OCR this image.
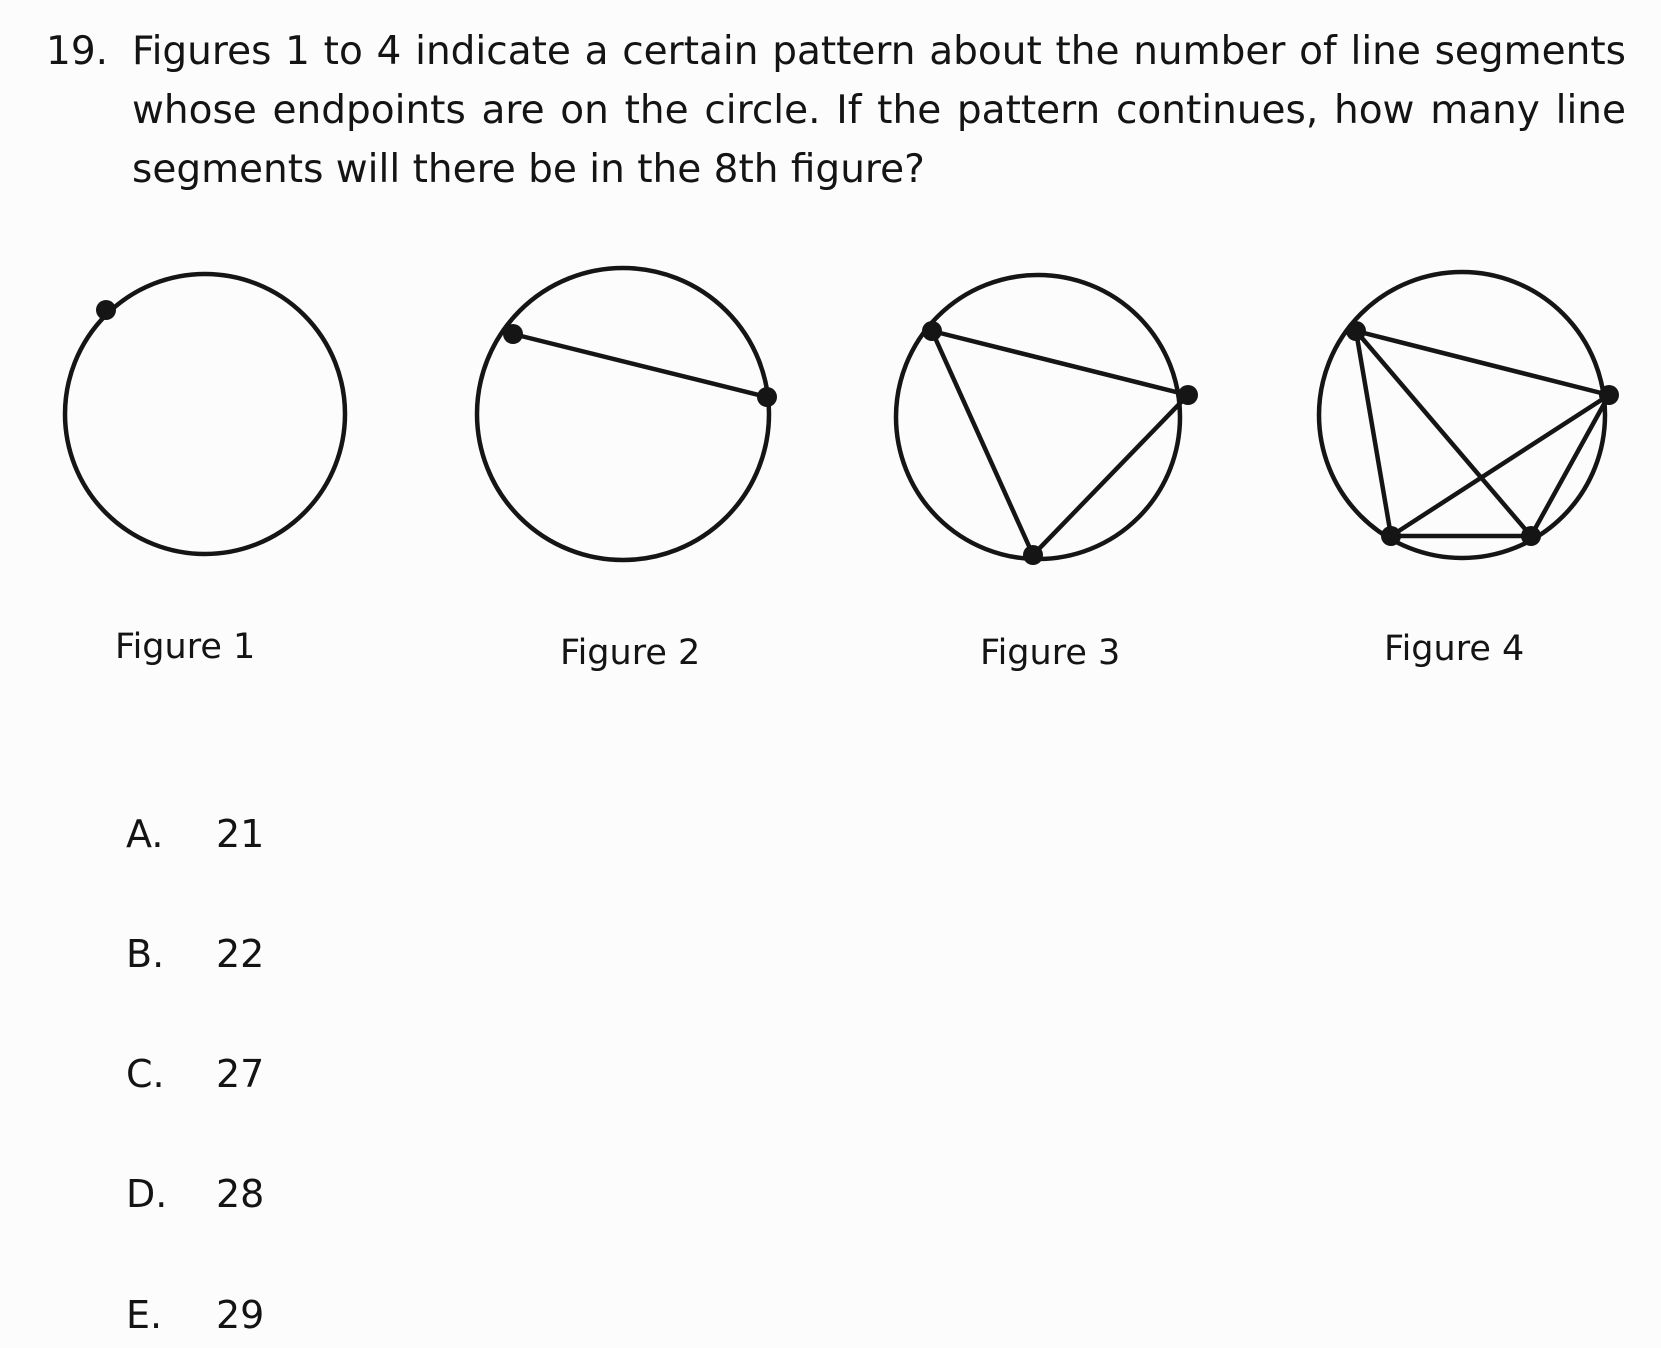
19. Figures 1 to 4 indicate a certain pattern about the number of line segments whose endpoints are on the circle. If the pattern continues, how many line segments will there be in the 8th figure?
Figure 1	Figure 2	Figure 3	Figure 4
A. 21
B. 22
C. 27
D. 28
E. 29
